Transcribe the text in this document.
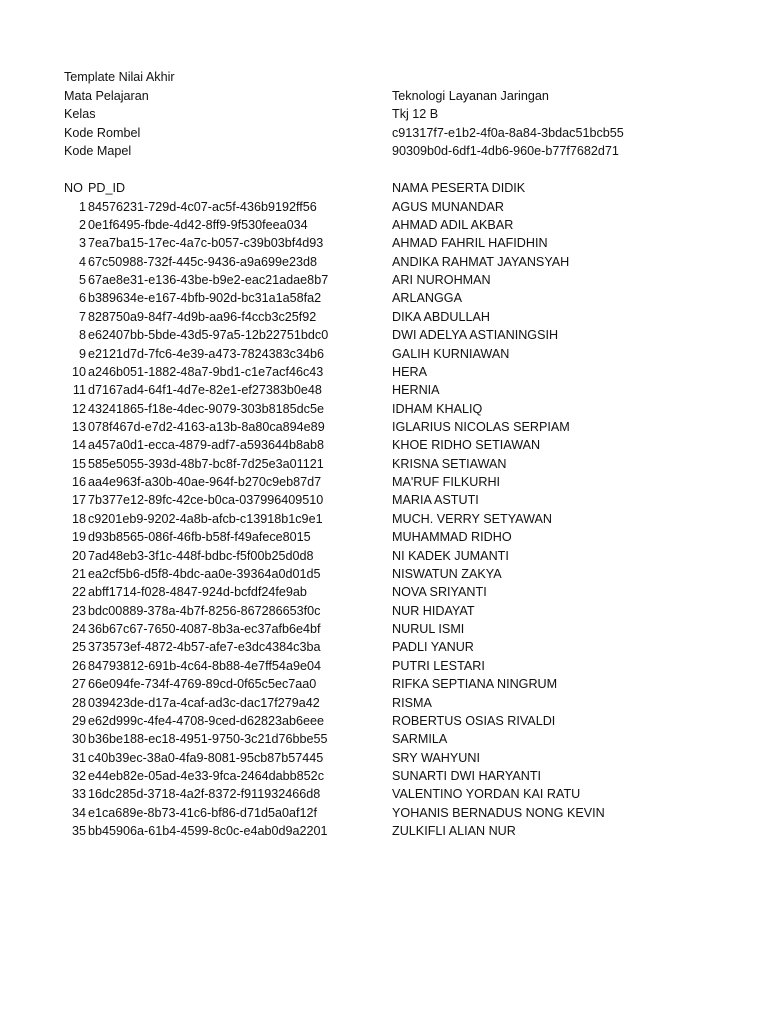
Template Nilai Akhir
Mata Pelajaran	Teknologi Layanan Jaringan
Kelas	Tkj 12 B
Kode Rombel	c91317f7-e1b2-4f0a-8a84-3bdac51bcb55
Kode Mapel	90309b0d-6df1-4db6-960e-b77f7682d71
NO PD_ID	NAMA PESERTA DIDIK
1 84576231-729d-4c07-ac5f-436b9192ff56	AGUS MUNANDAR
2 0e1f6495-fbde-4d42-8ff9-9f530feea034	AHMAD ADIL AKBAR
3 7ea7ba15-17ec-4a7c-b057-c39b03bf4d93	AHMAD FAHRIL HAFIDHIN
4 67c50988-732f-445c-9436-a9a699e23d8	ANDIKA RAHMAT JAYANSYAH
5 67ae8e31-e136-43be-b9e2-eac21adae8b7	ARI NUROHMAN
6 b389634e-e167-4bfb-902d-bc31a1a58fa2	ARLANGGA
7 828750a9-84f7-4d9b-aa96-f4ccb3c25f92	DIKA ABDULLAH
8 e62407bb-5bde-43d5-97a5-12b22751bdc0	DWI ADELYA ASTIANINGSIH
9 e2121d7d-7fc6-4e39-a473-7824383c34b6	GALIH KURNIAWAN
10 a246b051-1882-48a7-9bd1-c1e7acf46c43	HERA
11 d7167ad4-64f1-4d7e-82e1-ef27383b0e48	HERNIA
12 43241865-f18e-4dec-9079-303b8185dc5e	IDHAM KHALIQ
13 078f467d-e7d2-4163-a13b-8a80ca894e89	IGLARIUS NICOLAS SERPIAM
14 a457a0d1-ecca-4879-adf7-a593644b8ab8	KHOE RIDHO SETIAWAN
15 585e5055-393d-48b7-bc8f-7d25e3a01121	KRISNA SETIAWAN
16 aa4e963f-a30b-40ae-964f-b270c9eb87d7	MA'RUF FILKURHI
17 7b377e12-89fc-42ce-b0ca-037996409510	MARIA ASTUTI
18 c9201eb9-9202-4a8b-afcb-c13918b1c9e1	MUCH. VERRY SETYAWAN
19 d93b8565-086f-46fb-b58f-f49afece8015	MUHAMMAD RIDHO
20 7ad48eb3-3f1c-448f-bdbc-f5f00b25d0d8	NI KADEK JUMANTI
21 ea2cf5b6-d5f8-4bdc-aa0e-39364a0d01d5	NISWATUN ZAKYA
22 abff1714-f028-4847-924d-bcfdf24fe9ab	NOVA SRIYANTI
23 bdc00889-378a-4b7f-8256-867286653f0c	NUR HIDAYAT
24 36b67c67-7650-4087-8b3a-ec37afb6e4bf	NURUL ISMI
25 373573ef-4872-4b57-afe7-e3dc4384c3ba	PADLI YANUR
26 84793812-691b-4c64-8b88-4e7ff54a9e04	PUTRI LESTARI
27 66e094fe-734f-4769-89cd-0f65c5ec7aa0	RIFKA SEPTIANA NINGRUM
28 039423de-d17a-4caf-ad3c-dac17f279a42	RISMA
29 e62d999c-4fe4-4708-9ced-d62823ab6eee	ROBERTUS OSIAS RIVALDI
30 b36be188-ec18-4951-9750-3c21d76bbe55	SARMILA
31 c40b39ec-38a0-4fa9-8081-95cb87b57445	SRY WAHYUNI
32 e44eb82e-05ad-4e33-9fca-2464dabb852c	SUNARTI DWI HARYANTI
33 16dc285d-3718-4a2f-8372-f911932466d8	VALENTINO YORDAN KAI RATU
34 e1ca689e-8b73-41c6-bf86-d71d5a0af12f	YOHANIS BERNADUS NONG KEVIN
35 bb45906a-61b4-4599-8c0c-e4ab0d9a2201	ZULKIFLI ALIAN NUR
